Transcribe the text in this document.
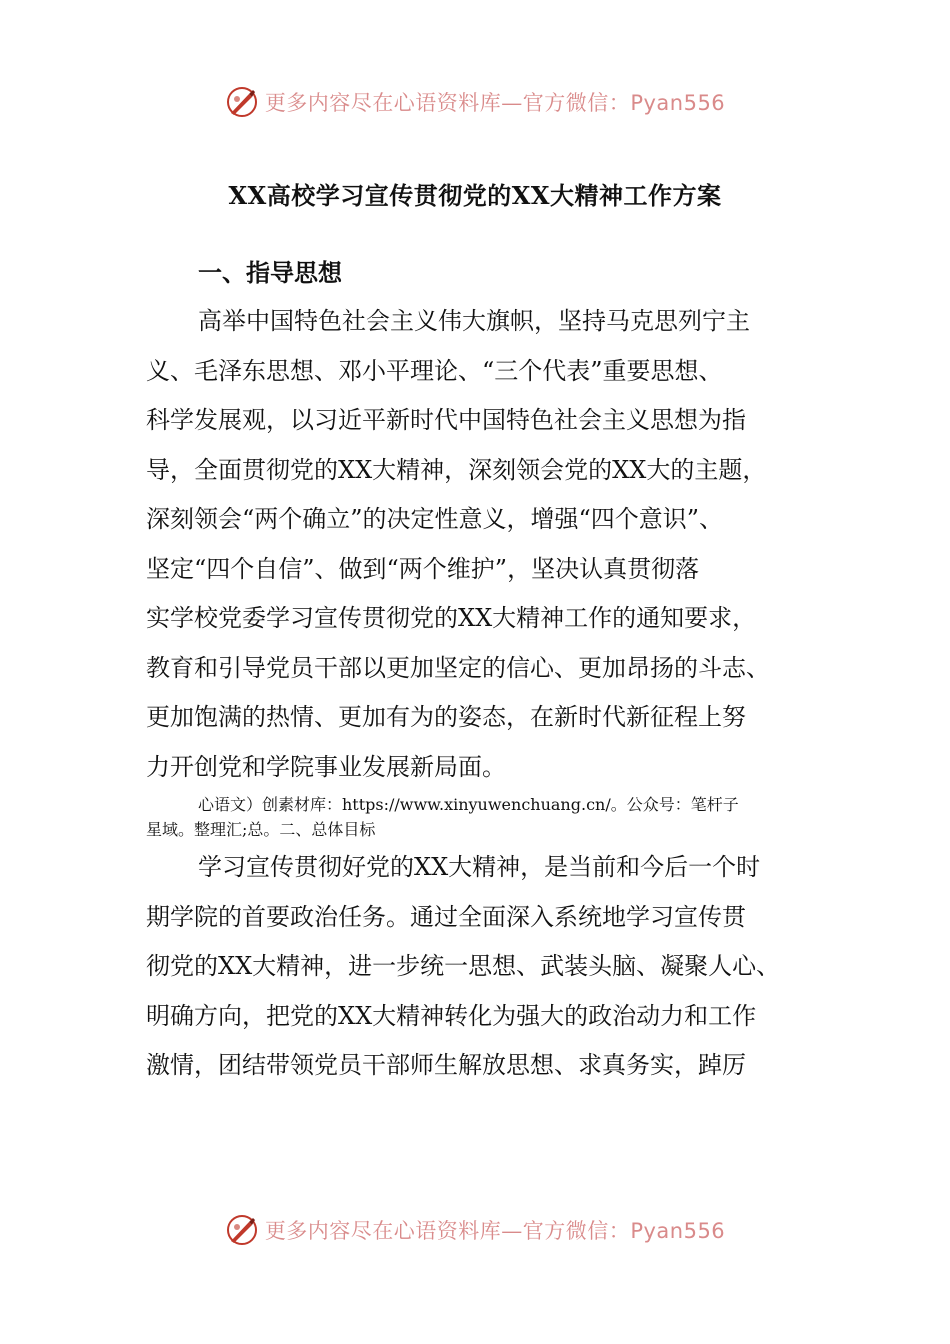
更多内容尽在心语资料库—官方微信：Pyan556
XX高校学习宣传贯彻党的XX大精神工作方案
一、指导思想
高举中国特色社会主义伟大旗帜，坚持马克思列宁主
义、毛泽东思想、邓小平理论、“三个代表”重要思想、
科学发展观，以习近平新时代中国特色社会主义思想为指
导，全面贯彻党的XX大精神，深刻领会党的XX大的主题，
深刻领会“两个确立”的决定性意义，增强“四个意识”、
坚定“四个自信”、做到“两个维护”，坚决认真贯彻落
实学校党委学习宣传贯彻党的XX大精神工作的通知要求，
教育和引导党员干部以更加坚定的信心、更加昂扬的斗志、
更加饱满的热情、更加有为的姿态，在新时代新征程上努
力开创党和学院事业发展新局面。
心语文）创素材库：https://www.xinyuwenchuang.cn/。公众号：笔杆子
星域。整理汇;总。二、总体目标
学习宣传贯彻好党的XX大精神，是当前和今后一个时
期学院的首要政治任务。通过全面深入系统地学习宣传贯
彻党的XX大精神，进一步统一思想、武装头脑、凝聚人心、
明确方向，把党的XX大精神转化为强大的政治动力和工作
激情，团结带领党员干部师生解放思想、求真务实，踔厉
更多内容尽在心语资料库—官方微信：Pyan556
